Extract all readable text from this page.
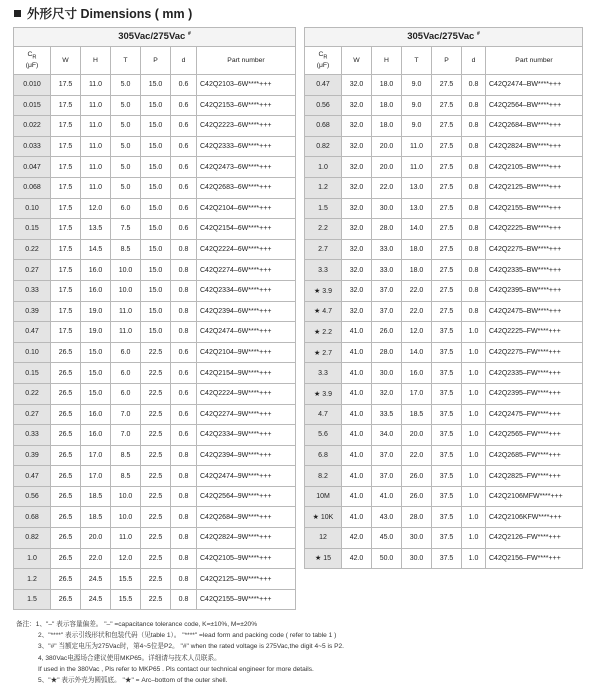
外形尺寸 Dimensions ( mm )
305Vac/275Vac #
$C_R$
(μF)	W	H	T	P	d	Part number
0.010	17.5	11.0	5.0	15.0	0.6	C42Q2103–6W****+++
0.015	17.5	11.0	5.0	15.0	0.6	C42Q2153–6W****+++
0.022	17.5	11.0	5.0	15.0	0.6	C42Q2223–6W****+++
0.033	17.5	11.0	5.0	15.0	0.6	C42Q2333–6W****+++
0.047	17.5	11.0	5.0	15.0	0.6	C42Q2473–6W****+++
0.068	17.5	11.0	5.0	15.0	0.6	C42Q2683–6W****+++
0.10	17.5	12.0	6.0	15.0	0.6	C42Q2104–6W****+++
0.15	17.5	13.5	7.5	15.0	0.6	C42Q2154–6W****+++
0.22	17.5	14.5	8.5	15.0	0.8	C42Q2224–6W****+++
0.27	17.5	16.0	10.0	15.0	0.8	C42Q2274–6W****+++
0.33	17.5	16.0	10.0	15.0	0.8	C42Q2334–6W****+++
0.39	17.5	19.0	11.0	15.0	0.8	C42Q2394–6W****+++
0.47	17.5	19.0	11.0	15.0	0.8	C42Q2474–6W****+++
0.10	26.5	15.0	6.0	22.5	0.6	C42Q2104–9W****+++
0.15	26.5	15.0	6.0	22.5	0.6	C42Q2154–9W****+++
0.22	26.5	15.0	6.0	22.5	0.6	C42Q2224–9W****+++
0.27	26.5	16.0	7.0	22.5	0.6	C42Q2274–9W****+++
0.33	26.5	16.0	7.0	22.5	0.6	C42Q2334–9W****+++
0.39	26.5	17.0	8.5	22.5	0.8	C42Q2394–9W****+++
0.47	26.5	17.0	8.5	22.5	0.8	C42Q2474–9W****+++
0.56	26.5	18.5	10.0	22.5	0.8	C42Q2564–9W****+++
0.68	26.5	18.5	10.0	22.5	0.8	C42Q2684–9W****+++
0.82	26.5	20.0	11.0	22.5	0.8	C42Q2824–9W****+++
1.0	26.5	22.0	12.0	22.5	0.8	C42Q2105–9W****+++
1.2	26.5	24.5	15.5	22.5	0.8	C42Q2125–9W****+++
1.5	26.5	24.5	15.5	22.5	0.8	C42Q2155–9W****+++
305Vac/275Vac #
$C_R$
(μF)	W	H	T	P	d	Part number
0.47	32.0	18.0	9.0	27.5	0.8	C42Q2474–BW****+++
0.56	32.0	18.0	9.0	27.5	0.8	C42Q2564–BW****+++
0.68	32.0	18.0	9.0	27.5	0.8	C42Q2684–BW****+++
0.82	32.0	20.0	11.0	27.5	0.8	C42Q2824–BW****+++
1.0	32.0	20.0	11.0	27.5	0.8	C42Q2105–BW****+++
1.2	32.0	22.0	13.0	27.5	0.8	C42Q2125–BW****+++
1.5	32.0	30.0	13.0	27.5	0.8	C42Q2155–BW****+++
2.2	32.0	28.0	14.0	27.5	0.8	C42Q2225–BW****+++
2.7	32.0	33.0	18.0	27.5	0.8	C42Q2275–BW****+++
3.3	32.0	33.0	18.0	27.5	0.8	C42Q2335–BW****+++
★ 3.9	32.0	37.0	22.0	27.5	0.8	C42Q2395–BW****+++
★ 4.7	32.0	37.0	22.0	27.5	0.8	C42Q2475–BW****+++
★ 2.2	41.0	26.0	12.0	37.5	1.0	C42Q2225–FW****+++
★ 2.7	41.0	28.0	14.0	37.5	1.0	C42Q2275–FW****+++
3.3	41.0	30.0	16.0	37.5	1.0	C42Q2335–FW****+++
★ 3.9	41.0	32.0	17.0	37.5	1.0	C42Q2395–FW****+++
4.7	41.0	33.5	18.5	37.5	1.0	C42Q2475–FW****+++
5.6	41.0	34.0	20.0	37.5	1.0	C42Q2565–FW****+++
6.8	41.0	37.0	22.0	37.5	1.0	C42Q2685–FW****+++
8.2	41.0	37.0	26.0	37.5	1.0	C42Q2825–FW****+++
10M	41.0	41.0	26.0	37.5	1.0	C42Q2106MFW****+++
★ 10K	41.0	43.0	28.0	37.5	1.0	C42Q2106KFW****+++
12	42.0	45.0	30.0	37.5	1.0	C42Q2126–FW****+++
★ 15	42.0	50.0	30.0	37.5	1.0	C42Q2156–FW****+++
备注：1、"–" 表示容量偏差。 "–" =capacitance tolerance code, K=±10%, M=±20%
2、"****" 表示引线形状和包装代码（见table 1）。 "****" =lead form and packing code ( refer to table 1 )
3、"#" 当额定电压为275Vac时，第4~5位是P2。 "#" when the rated voltage is 275Vac,the digit 4~5 is P2.
4, 380Vac电源场合建议使用MKP65。详细请与技术人员联系。
If used in the 380Vac , Pls refer to MKP65 . Pls contact our technical engineer for more details.
5、"★" 表示外壳为圆弧底。 "★" = Arc–bottom of the outer shell.
